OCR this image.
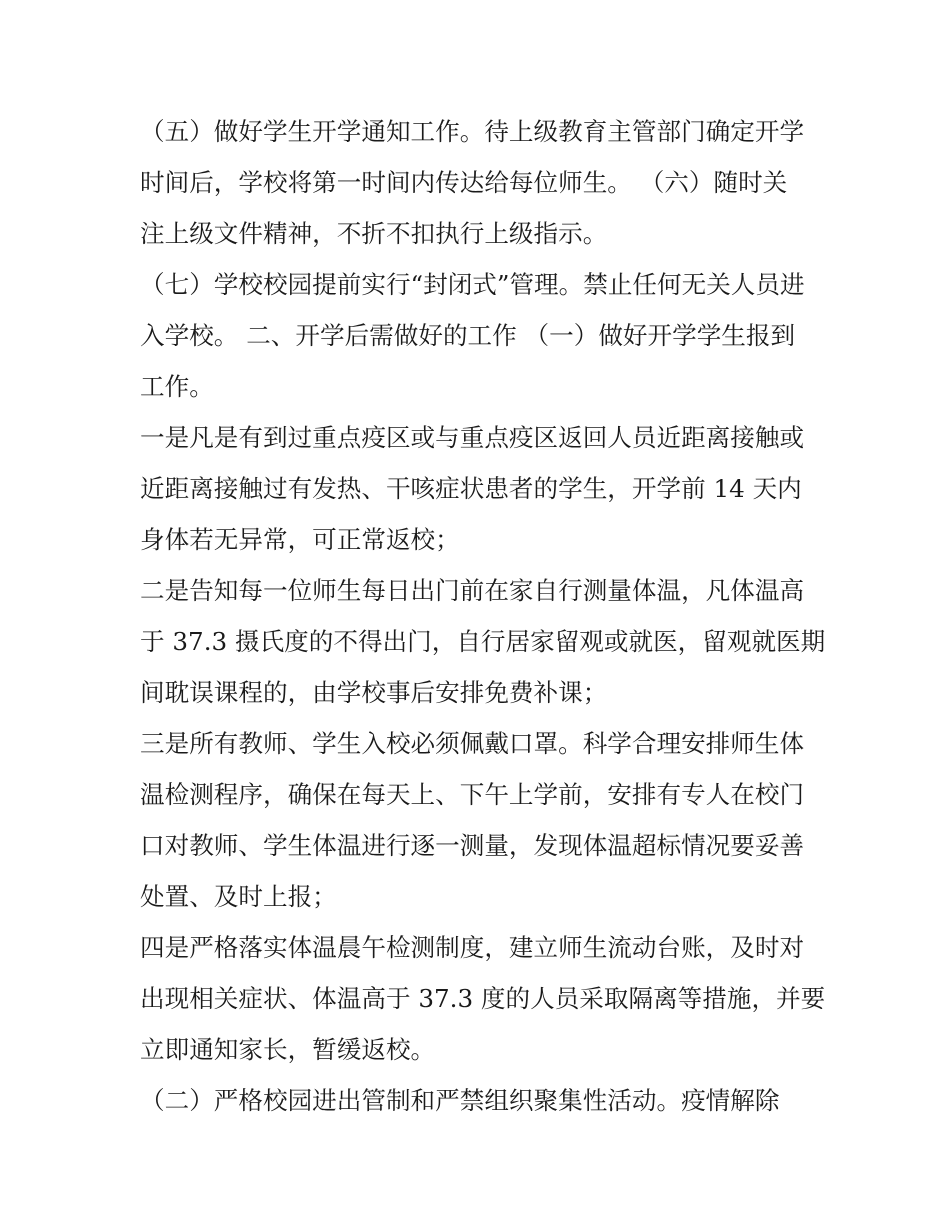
（五）做好学生开学通知工作。待上级教育主管部门确定开学
时间后，学校将第一时间内传达给每位师生。 （六）随时关
注上级文件精神，不折不扣执行上级指示。
（七）学校校园提前实行“封闭式”管理。禁止任何无关人员进
入学校。 二、开学后需做好的工作 （一）做好开学学生报到
工作。
一是凡是有到过重点疫区或与重点疫区返回人员近距离接触或
近距离接触过有发热、干咳症状患者的学生，开学前 14 天内
身体若无异常，可正常返校；
二是告知每一位师生每日出门前在家自行测量体温，凡体温高
于 37.3 摄氏度的不得出门，自行居家留观或就医，留观就医期
间耽误课程的，由学校事后安排免费补课；
三是所有教师、学生入校必须佩戴口罩。科学合理安排师生体
温检测程序，确保在每天上、下午上学前，安排有专人在校门
口对教师、学生体温进行逐一测量，发现体温超标情况要妥善
处置、及时上报；
四是严格落实体温晨午检测制度，建立师生流动台账，及时对
出现相关症状、体温高于 37.3 度的人员采取隔离等措施，并要
立即通知家长，暂缓返校。
（二）严格校园进出管制和严禁组织聚集性活动。疫情解除
